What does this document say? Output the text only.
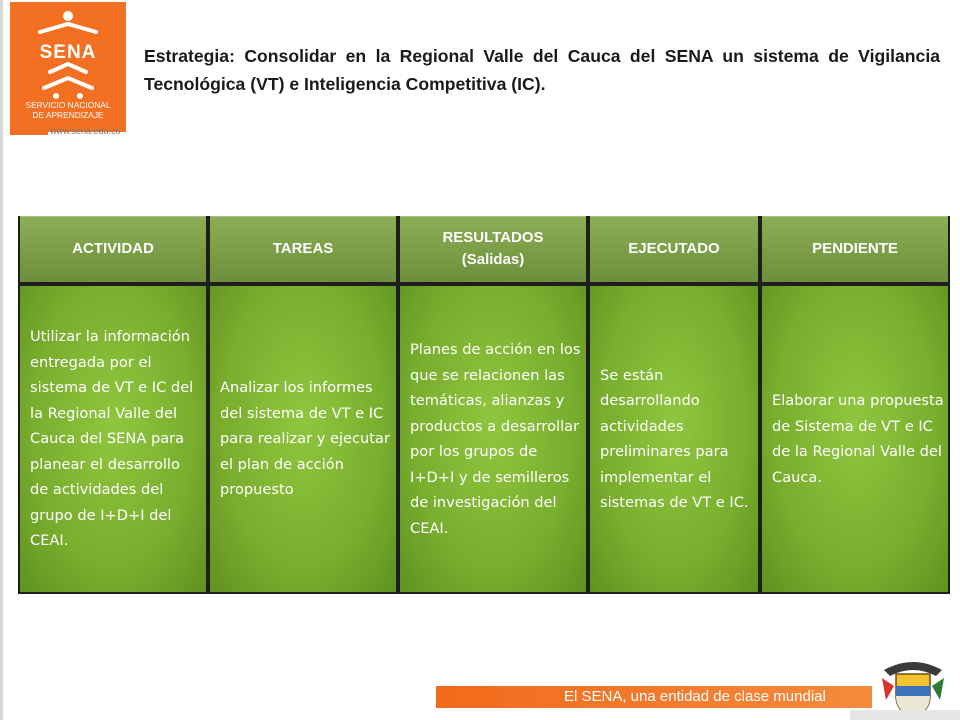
SENA
SERVICIO NACIONAL
DE APRENDIZAJE
www.sena.edu.co
Estrategia: Consolidar en la Regional Valle del Cauca del SENA un sistema de Vigilancia Tecnológica (VT) e Inteligencia Competitiva (IC).
ACTIVIDAD
Utilizar la información entregada por el sistema de VT e IC del la Regional Valle del Cauca del SENA para planear el desarrollo de actividades del grupo de I+D+I del CEAI.
TAREAS
Analizar los informes del sistema de VT e IC para realizar y ejecutar el plan de acción propuesto
RESULTADOS
(Salidas)
Planes de acción en los que se relacionen las temáticas, alianzas y productos a desarrollar por los grupos de I+D+I y de semilleros de investigación del CEAI.
EJECUTADO
Se están desarrollando actividades preliminares para implementar el sistemas de VT e IC.
PENDIENTE
Elaborar una propuesta de Sistema de VT e IC de la Regional Valle del Cauca.
El SENA, una entidad de clase mundial
